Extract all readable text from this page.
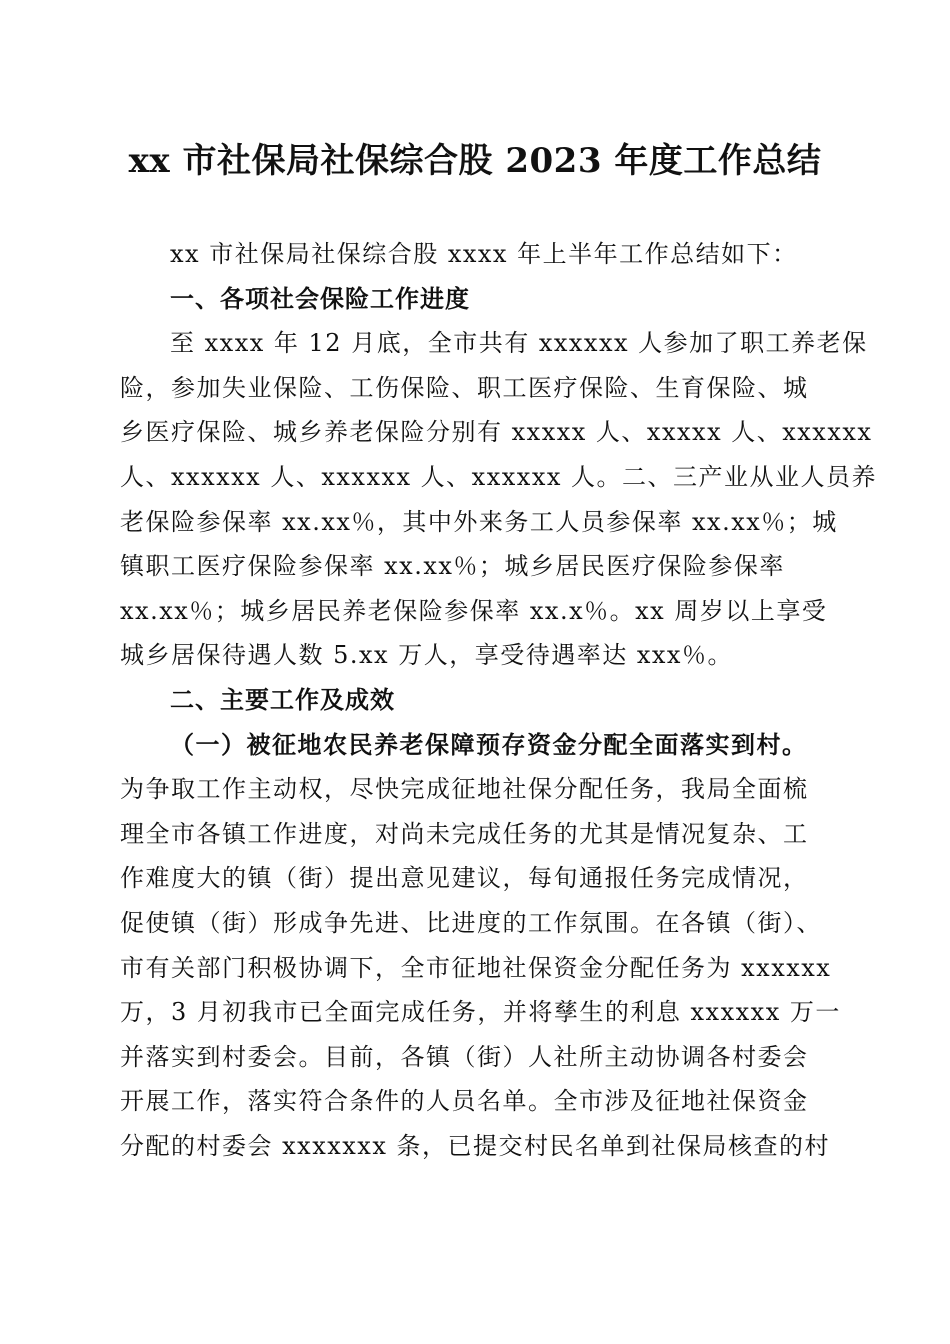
xx 市社保局社保综合股 2023 年度工作总结
xx 市社保局社保综合股 xxxx 年上半年工作总结如下：
一、各项社会保险工作进度
至 xxxx 年 12 月底，全市共有 xxxxxx 人参加了职工养老保
险，参加失业保险、工伤保险、职工医疗保险、生育保险、城
乡医疗保险、城乡养老保险分别有 xxxxx 人、xxxxx 人、xxxxxx
人、xxxxxx 人、xxxxxx 人、xxxxxx 人。二、三产业从业人员养
老保险参保率 xx.xx％，其中外来务工人员参保率 xx.xx％；城
镇职工医疗保险参保率 xx.xx％；城乡居民医疗保险参保率
xx.xx％；城乡居民养老保险参保率 xx.x％。xx 周岁以上享受
城乡居保待遇人数 5.xx 万人，享受待遇率达 xxx％。
二、主要工作及成效
（一）被征地农民养老保障预存资金分配全面落实到村。
为争取工作主动权，尽快完成征地社保分配任务，我局全面梳
理全市各镇工作进度，对尚未完成任务的尤其是情况复杂、工
作难度大的镇（街）提出意见建议，每旬通报任务完成情况，
促使镇（街）形成争先进、比进度的工作氛围。在各镇（街）、
市有关部门积极协调下，全市征地社保资金分配任务为 xxxxxx
万，3 月初我市已全面完成任务，并将孳生的利息 xxxxxx 万一
并落实到村委会。目前，各镇（街）人社所主动协调各村委会
开展工作，落实符合条件的人员名单。全市涉及征地社保资金
分配的村委会 xxxxxxx 条，已提交村民名单到社保局核查的村
